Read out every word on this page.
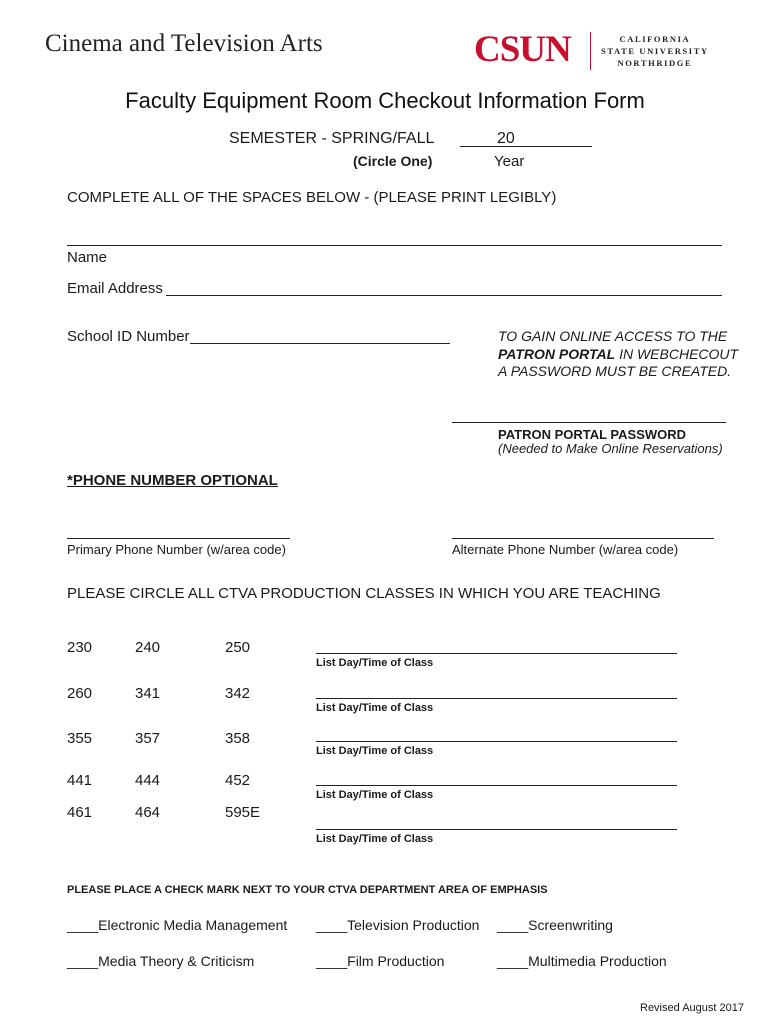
Cinema and Television Arts	CSUN	CALIFORNIA
STATE UNIVERSITY
NORTHRIDGE
Faculty Equipment Room Checkout Information Form
SEMESTER - SPRING/FALL	20
(Circle One)	Year
COMPLETE ALL OF THE SPACES BELOW - (PLEASE PRINT LEGIBLY)
Name
Email Address
School ID Number	TO GAIN ONLINE ACCESS TO THE
PATRON PORTAL IN WEBCHECOUT
A PASSWORD MUST BE CREATED.
PATRON PORTAL PASSWORD
(Needed to Make Online Reservations)
*PHONE NUMBER OPTIONAL
Primary Phone Number (w/area code)	Alternate Phone Number (w/area code)
PLEASE CIRCLE ALL CTVA PRODUCTION CLASSES IN WHICH YOU ARE TEACHING
230	240	250
List Day/Time of Class
260	341	342
List Day/Time of Class
355	357	358
List Day/Time of Class
441	444	452
List Day/Time of Class
461	464	595E
List Day/Time of Class
PLEASE PLACE A CHECK MARK NEXT TO YOUR CTVA DEPARTMENT AREA OF EMPHASIS
____Electronic Media Management ____Television Production ____Screenwriting
____Media Theory & Criticism	____Film Production	____Multimedia Production
Revised August 2017
